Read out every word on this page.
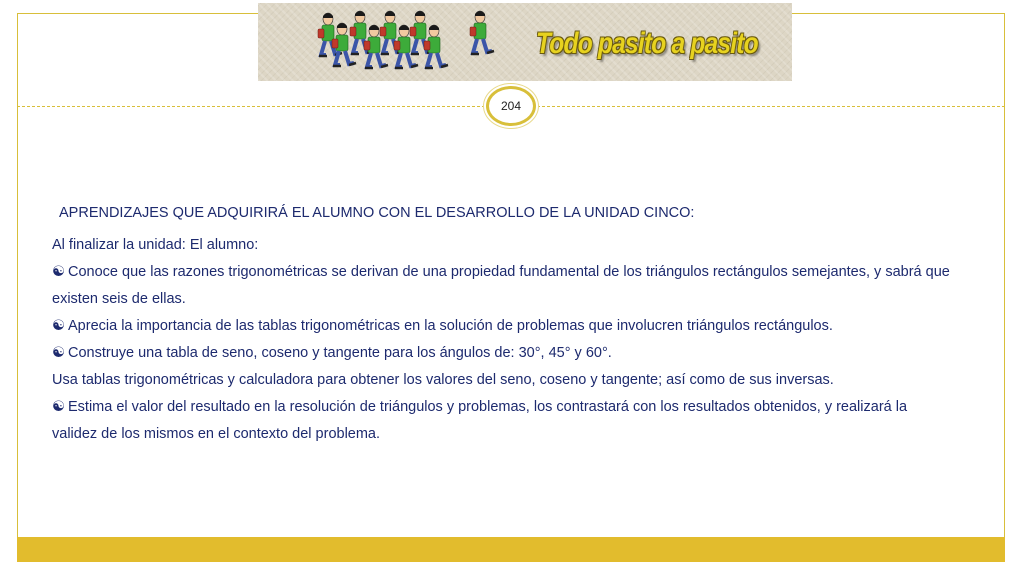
Todo pasito a pasito
204

APRENDIZAJES QUE ADQUIRIRÁ EL ALUMNO CON EL DESARROLLO DE LA UNIDAD CINCO:

Al finalizar la unidad: El alumno:

☯ Conoce que las razones trigonométricas se derivan de una propiedad fundamental de los triángulos rectángulos semejantes, y sabrá que existen seis de ellas.

☯ Aprecia la importancia de las tablas trigonométricas en la solución de problemas que involucren triángulos rectángulos.

☯ Construye una tabla de seno, coseno y tangente para los ángulos de: 30°, 45° y 60°.

Usa tablas trigonométricas y calculadora para obtener los valores del seno, coseno y tangente; así como de sus inversas.

☯ Estima el valor del resultado en la resolución de triángulos y problemas, los contrastará con los resultados obtenidos, y realizará la validez de los mismos en el contexto del problema.
